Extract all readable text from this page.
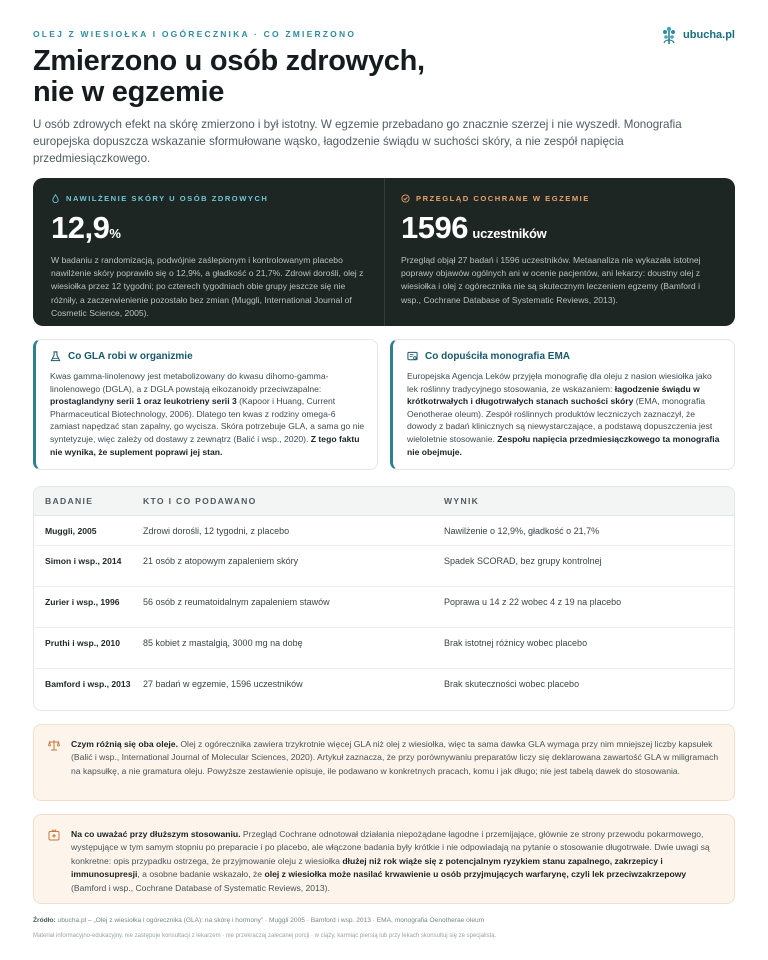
OLEJ Z WIESIOŁKA I OGÓRECZNIKA · CO ZMIERZONO	ubucha.pl
Zmierzono u osób zdrowych,
nie w egzemie

U osób zdrowych efekt na skórę zmierzono i był istotny. W egzemie przebadano go znacznie szerzej i nie wyszedł. Monografia europejska dopuszcza wskazanie sformułowane wąsko, łagodzenie świądu w suchości skóry, a nie zespół napięcia przedmiesiączkowego.

NAWILŻENIE SKÓRY U OSÓB ZDROWYCH
12,9%

W badaniu z randomizacją, podwójnie zaślepionym i kontrolowanym placebo nawilżenie skóry poprawiło się o 12,9%, a gładkość o 21,7%. Zdrowi dorośli, olej z wiesiołka przez 12 tygodni; po czterech tygodniach obie grupy jeszcze się nie różniły, a zaczerwienienie pozostało bez zmian (Muggli, International Journal of Cosmetic Science, 2005).

PRZEGLĄD COCHRANE W EGZEMIE
1596 uczestników

Przegląd objął 27 badań i 1596 uczestników. Metaanaliza nie wykazała istotnej poprawy objawów ogólnych ani w ocenie pacjentów, ani lekarzy: doustny olej z wiesiołka i olej z ogórecznika nie są skutecznym leczeniem egzemy (Bamford i wsp., Cochrane Database of Systematic Reviews, 2013).

Co GLA robi w organizmie

Kwas gamma-linolenowy jest metabolizowany do kwasu dihomo-gamma-linolenowego (DGLA), a z DGLA powstają eikozanoidy przeciwzapalne: prostaglandyny serii 1 oraz leukotrieny serii 3 (Kapoor i Huang, Current Pharmaceutical Biotechnology, 2006). Dlatego ten kwas z rodziny omega-6 zamiast napędzać stan zapalny, go wycisza. Skóra potrzebuje GLA, a sama go nie syntetyzuje, więc zależy od dostawy z zewnątrz (Balić i wsp., 2020). Z tego faktu nie wynika, że suplement poprawi jej stan.

Co dopuściła monografia EMA

Europejska Agencja Leków przyjęła monografię dla oleju z nasion wiesiołka jako lek roślinny tradycyjnego stosowania, ze wskazaniem: łagodzenie świądu w krótkotrwałych i długotrwałych stanach suchości skóry (EMA, monografia Oenotherae oleum). Zespół roślinnych produktów leczniczych zaznaczył, że dowody z badań klinicznych są niewystarczające, a podstawą dopuszczenia jest wieloletnie stosowanie. Zespołu napięcia przedmiesiączkowego ta monografia nie obejmuje.

BADANIE	KTO I CO PODAWANO	WYNIK
Muggli, 2005	Zdrowi dorośli, 12 tygodni, z placebo	Nawilżenie o 12,9%, gładkość o 21,7%
Simon i wsp., 2014	21 osób z atopowym zapaleniem skóry	Spadek SCORAD, bez grupy kontrolnej
Zurier i wsp., 1996	56 osób z reumatoidalnym zapaleniem stawów	Poprawa u 14 z 22 wobec 4 z 19 na placebo
Pruthi i wsp., 2010	85 kobiet z mastalgią, 3000 mg na dobę	Brak istotnej różnicy wobec placebo
Bamford i wsp., 2013	27 badań w egzemie, 1596 uczestników	Brak skuteczności wobec placebo

Czym różnią się oba oleje. Olej z ogórecznika zawiera trzykrotnie więcej GLA niż olej z wiesiołka, więc ta sama dawka GLA wymaga przy nim mniejszej liczby kapsułek (Balić i wsp., International Journal of Molecular Sciences, 2020). Artykuł zaznacza, że przy porównywaniu preparatów liczy się deklarowana zawartość GLA w miligramach na kapsułkę, a nie gramatura oleju. Powyższe zestawienie opisuje, ile podawano w konkretnych pracach, komu i jak długo; nie jest tabelą dawek do stosowania.

Na co uważać przy dłuższym stosowaniu. Przegląd Cochrane odnotował działania niepożądane łagodne i przemijające, głównie ze strony przewodu pokarmowego, występujące w tym samym stopniu po preparacie i po placebo, ale włączone badania były krótkie i nie odpowiadają na pytanie o stosowanie długotrwałe. Dwie uwagi są konkretne: opis przypadku ostrzega, że przyjmowanie oleju z wiesiołka dłużej niż rok wiąże się z potencjalnym ryzykiem stanu zapalnego, zakrzepicy i immunosupresji, a osobne badanie wskazało, że olej z wiesiołka może nasilać krwawienie u osób przyjmujących warfarynę, czyli lek przeciwzakrzepowy (Bamford i wsp., Cochrane Database of Systematic Reviews, 2013).

Źródło: ubucha.pl – „Olej z wiesiołka i ogórecznika (GLA): na skórę i hormony” · Muggli 2005 · Bamford i wsp. 2013 · EMA, monografia Oenotherae oleum

Materiał informacyjno-edukacyjny, nie zastępuje konsultacji z lekarzem · nie przekraczaj zalecanej porcji · w ciąży, karmiąc piersią lub przy lekach skonsultuj się ze specjalistą.
